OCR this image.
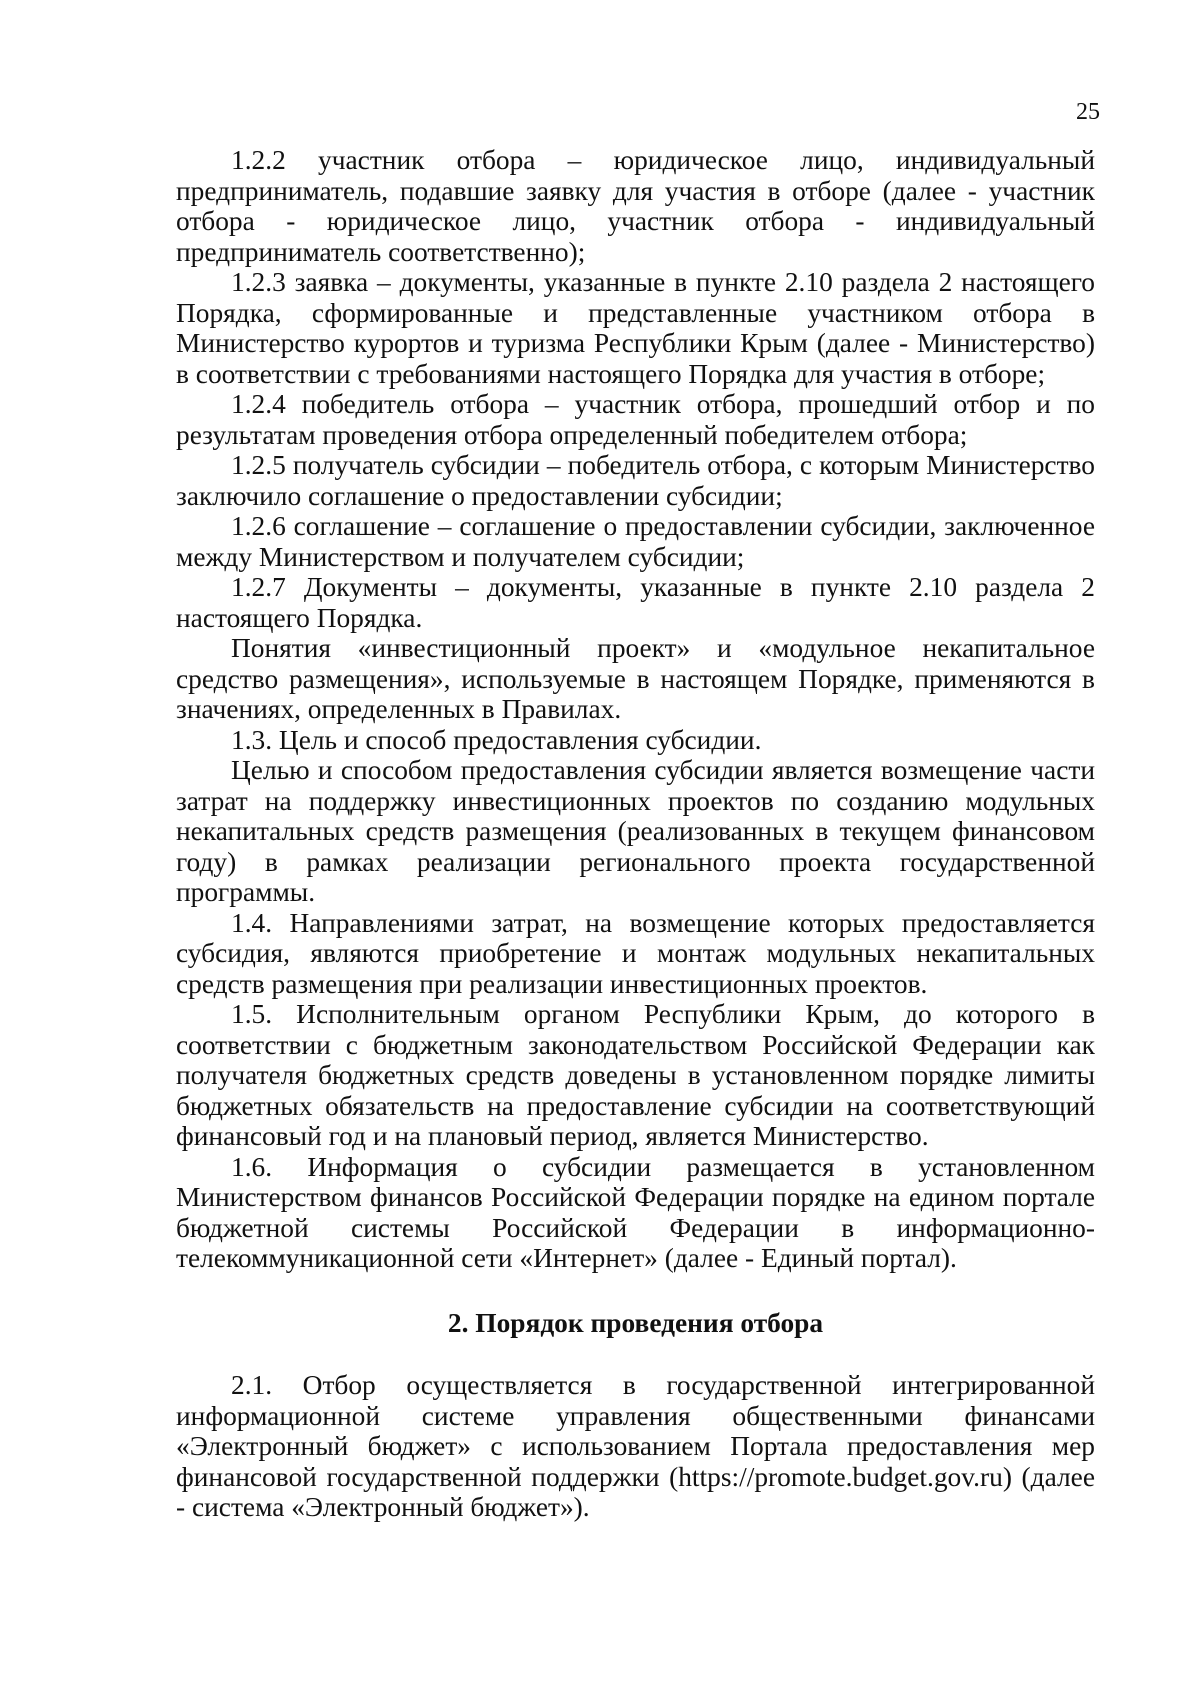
25

1.2.2 участник отбора – юридическое лицо, индивидуальный предприниматель, подавшие заявку для участия в отборе (далее - участник отбора - юридическое лицо, участник отбора - индивидуальный предприниматель соответственно);

1.2.3 заявка – документы, указанные в пункте 2.10 раздела 2 настоящего Порядка, сформированные и представленные участником отбора в Министерство курортов и туризма Республики Крым (далее - Министерство) в соответствии с требованиями настоящего Порядка для участия в отборе;

1.2.4 победитель отбора – участник отбора, прошедший отбор и по результатам проведения отбора определенный победителем отбора;

1.2.5 получатель субсидии – победитель отбора, с которым Министерство заключило соглашение о предоставлении субсидии;

1.2.6 соглашение – соглашение о предоставлении субсидии, заключенное между Министерством и получателем субсидии;

1.2.7 Документы – документы, указанные в пункте 2.10 раздела 2 настоящего Порядка.

Понятия «инвестиционный проект» и «модульное некапитальное средство размещения», используемые в настоящем Порядке, применяются в значениях, определенных в Правилах.

1.3. Цель и способ предоставления субсидии.

Целью и способом предоставления субсидии является возмещение части затрат на поддержку инвестиционных проектов по созданию модульных некапитальных средств размещения (реализованных в текущем финансовом году) в рамках реализации регионального проекта государственной программы.

1.4. Направлениями затрат, на возмещение которых предоставляется субсидия, являются приобретение и монтаж модульных некапитальных средств размещения при реализации инвестиционных проектов.

1.5. Исполнительным органом Республики Крым, до которого в соответствии с бюджетным законодательством Российской Федерации как получателя бюджетных средств доведены в установленном порядке лимиты бюджетных обязательств на предоставление субсидии на соответствующий финансовый год и на плановый период, является Министерство.

1.6. Информация о субсидии размещается в установленном Министерством финансов Российской Федерации порядке на едином портале бюджетной системы Российской Федерации в информационно-телекоммуникационной сети «Интернет» (далее - Единый портал).

2. Порядок проведения отбора

2.1. Отбор осуществляется в государственной интегрированной информационной системе управления общественными финансами «Электронный бюджет» с использованием Портала предоставления мер финансовой государственной поддержки (https://promote.budget.gov.ru) (далее - система «Электронный бюджет»).
